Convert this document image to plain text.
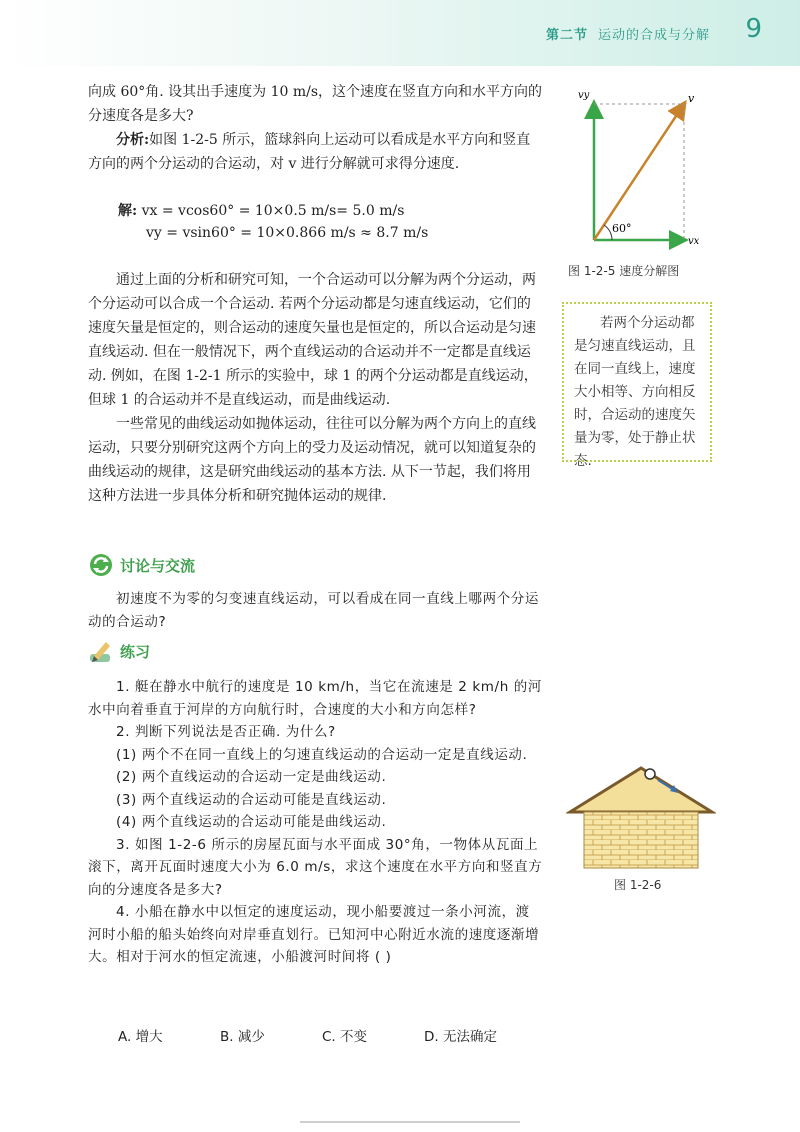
第二节 运动的合成与分解 9

向成 60°角. 设其出手速度为 10 m/s，这个速度在竖直方向和水平方向的分速度各是多大?

分析:如图 1-2-5 所示，篮球斜向上运动可以看成是水平方向和竖直方向的两个分运动的合运动，对 v 进行分解就可求得分速度.

解: vx = vcos60° = 10×0.5 m/s= 5.0 m/s
vy = vsin60° = 10×0.866 m/s ≈ 8.7 m/s

通过上面的分析和研究可知，一个合运动可以分解为两个分运动，两个分运动可以合成一个合运动. 若两个分运动都是匀速直线运动，它们的速度矢量是恒定的，则合运动的速度矢量也是恒定的，所以合运动是匀速直线运动. 但在一般情况下，两个直线运动的合运动并不一定都是直线运动. 例如，在图 1-2-1 所示的实验中，球 1 的两个分运动都是直线运动，但球 1 的合运动并不是直线运动，而是曲线运动.

一些常见的曲线运动如抛体运动，往往可以分解为两个方向上的直线运动，只要分别研究这两个方向上的受力及运动情况，就可以知道复杂的曲线运动的规律，这是研究曲线运动的基本方法. 从下一节起，我们将用这种方法进一步具体分析和研究抛体运动的规律.

讨论与交流

初速度不为零的匀变速直线运动，可以看成在同一直线上哪两个分运动的合运动?

练习

1. 艇在静水中航行的速度是 10 km/h，当它在流速是 2 km/h 的河水中向着垂直于河岸的方向航行时，合速度的大小和方向怎样?

2. 判断下列说法是否正确. 为什么?

(1) 两个不在同一直线上的匀速直线运动的合运动一定是直线运动.

(2) 两个直线运动的合运动一定是曲线运动.

(3) 两个直线运动的合运动可能是直线运动.

(4) 两个直线运动的合运动可能是曲线运动.

3. 如图 1-2-6 所示的房屋瓦面与水平面成 30°角，一物体从瓦面上滚下，离开瓦面时速度大小为 6.0 m/s，求这个速度在水平方向和竖直方向的分速度各是多大?

4. 小船在静水中以恒定的速度运动，现小船要渡过一条小河流，渡河时小船的船头始终向对岸垂直划行。已知河中心附近水流的速度逐渐增大。相对于河水的恒定流速，小船渡河时间将 ( )

A. 增大	B. 减少	C. 不变	D. 无法确定
vy	v
vx
60°
图 1-2-5 速度分解图

若两个分运动都是匀速直线运动，且在同一直线上，速度大小相等、方向相反时，合运动的速度矢量为零，处于静止状态.

图 1-2-6
